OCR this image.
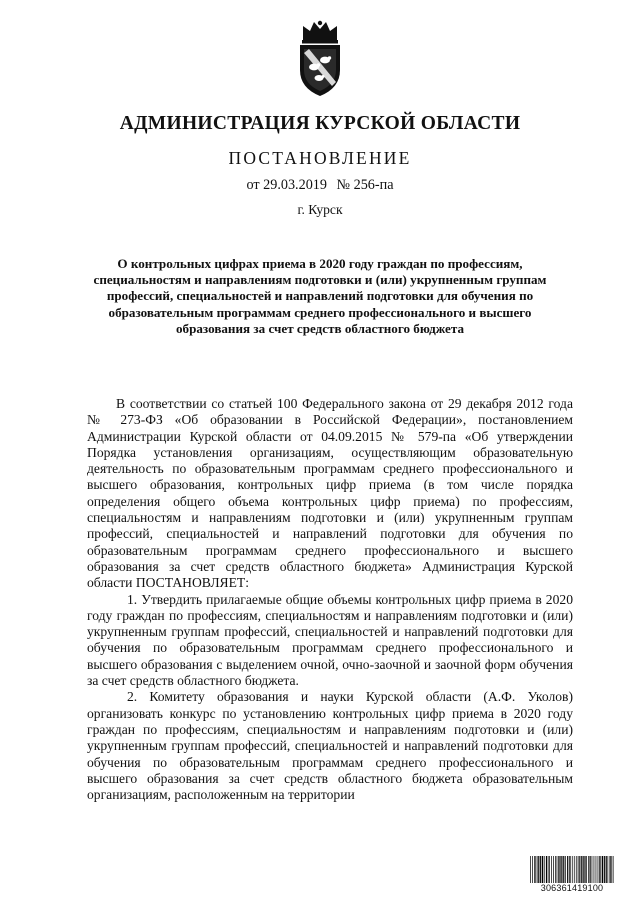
АДМИНИСТРАЦИЯ КУРСКОЙ ОБЛАСТИ
ПОСТАНОВЛЕНИЕ
от 29.03.2019 № 256-па
г. Курск
О контрольных цифрах приема в 2020 году граждан по профессиям, специальностям и направлениям подготовки и (или) укрупненным группам профессий, специальностей и направлений подготовки для обучения по образовательным программам среднего профессионального и высшего образования за счет средств областного бюджета

В соответствии со статьей 100 Федерального закона от 29 декабря 2012 года № 273-ФЗ «Об образовании в Российской Федерации», постановлением Администрации Курской области от 04.09.2015 № 579-па «Об утверждении Порядка установления организациям, осуществляющим образовательную деятельность по образовательным программам среднего профессионального и высшего образования, контрольных цифр приема (в том числе порядка определения общего объема контрольных цифр приема) по профессиям, специальностям и направлениям подготовки и (или) укрупненным группам профессий, специальностей и направлений подготовки для обучения по образовательным программам среднего профессионального и высшего образования за счет средств областного бюджета» Администрация Курской области ПОСТАНОВЛЯЕТ:

1. Утвердить прилагаемые общие объемы контрольных цифр приема в 2020 году граждан по профессиям, специальностям и направлениям подготовки и (или) укрупненным группам профессий, специальностей и направлений подготовки для обучения по образовательным программам среднего профессионального и высшего образования с выделением очной, очно-заочной и заочной форм обучения за счет средств областного бюджета.

2. Комитету образования и науки Курской области (А.Ф. Уколов) организовать конкурс по установлению контрольных цифр приема в 2020 году граждан по профессиям, специальностям и направлениям подготовки и (или) укрупненным группам профессий, специальностей и направлений подготовки для обучения по образовательным программам среднего профессионального и высшего образования за счет средств областного бюджета образовательным организациям, расположенным на территории

306361419100
